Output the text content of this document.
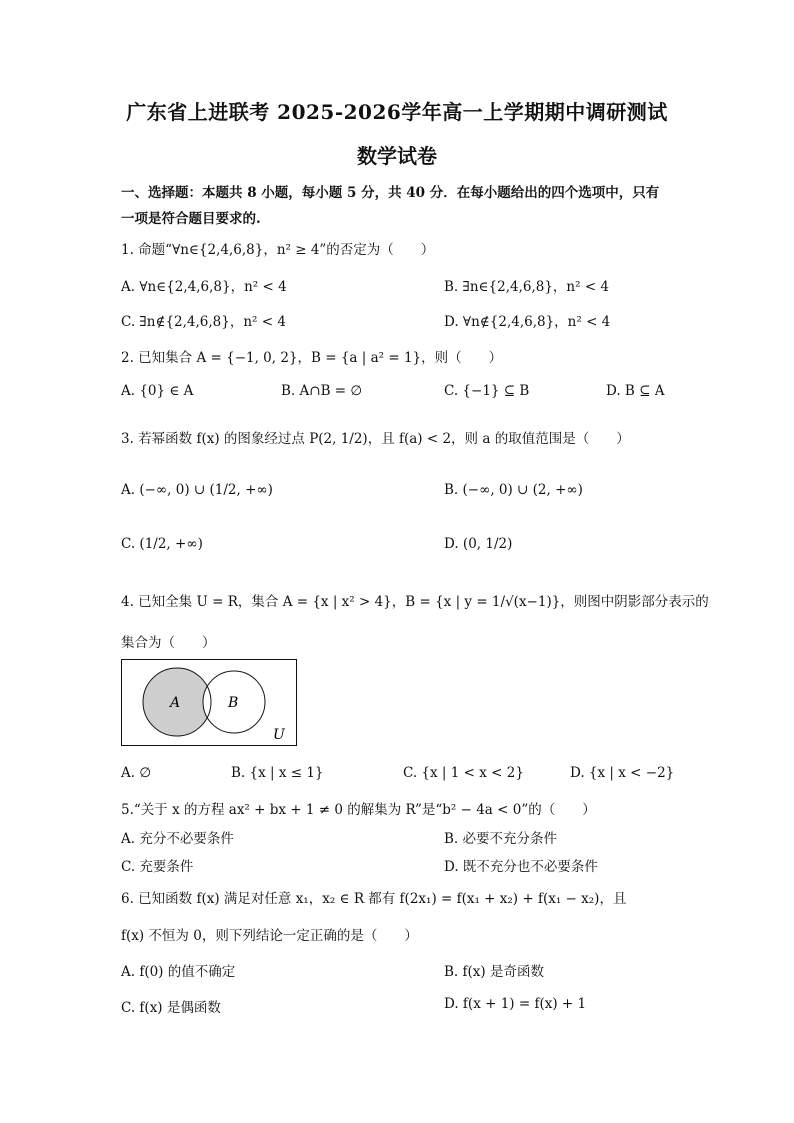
广东省上进联考 2025-2026学年高一上学期期中调研测试
数学试卷
一、选择题：本题共 8 小题，每小题 5 分，共 40 分．在每小题给出的四个选项中，只有
一项是符合题目要求的.
1. 命题“∀n∈{2,4,6,8}，n² ≥ 4”的否定为（　　）
A. ∀n∈{2,4,6,8}，n² < 4	B. ∃n∈{2,4,6,8}，n² < 4
C. ∃n∉{2,4,6,8}，n² < 4	D. ∀n∉{2,4,6,8}，n² < 4
2. 已知集合 A = {−1, 0, 2}，B = {a | a² = 1}，则（　　）
A. {0} ∈ A	B. A∩B = ∅	C. {−1} ⊆ B	D. B ⊆ A
3. 若幂函数 f(x) 的图象经过点 P(2, 1/2)，且 f(a) < 2，则 a 的取值范围是（　　）
A. (−∞, 0) ∪ (1/2, +∞)	B. (−∞, 0) ∪ (2, +∞)
C. (1/2, +∞)	D. (0, 1/2)
4. 已知全集 U = R，集合 A = {x | x² > 4}，B = {x | y = 1/√(x−1)}，则图中阴影部分表示的
集合为（　　）
A	B
U
A. ∅	B. {x | x ≤ 1}	C. {x | 1 < x < 2}	D. {x | x < −2}
5.“关于 x 的方程 ax² + bx + 1 ≠ 0 的解集为 R”是“b² − 4a < 0”的（　　）
A. 充分不必要条件	B. 必要不充分条件
C. 充要条件	D. 既不充分也不必要条件
6. 已知函数 f(x) 满足对任意 x₁，x₂ ∈ R 都有 f(2x₁) = f(x₁ + x₂) + f(x₁ − x₂)，且
f(x) 不恒为 0，则下列结论一定正确的是（　　）
A. f(0) 的值不确定	B. f(x) 是奇函数
C. f(x) 是偶函数	D. f(x + 1) = f(x) + 1
